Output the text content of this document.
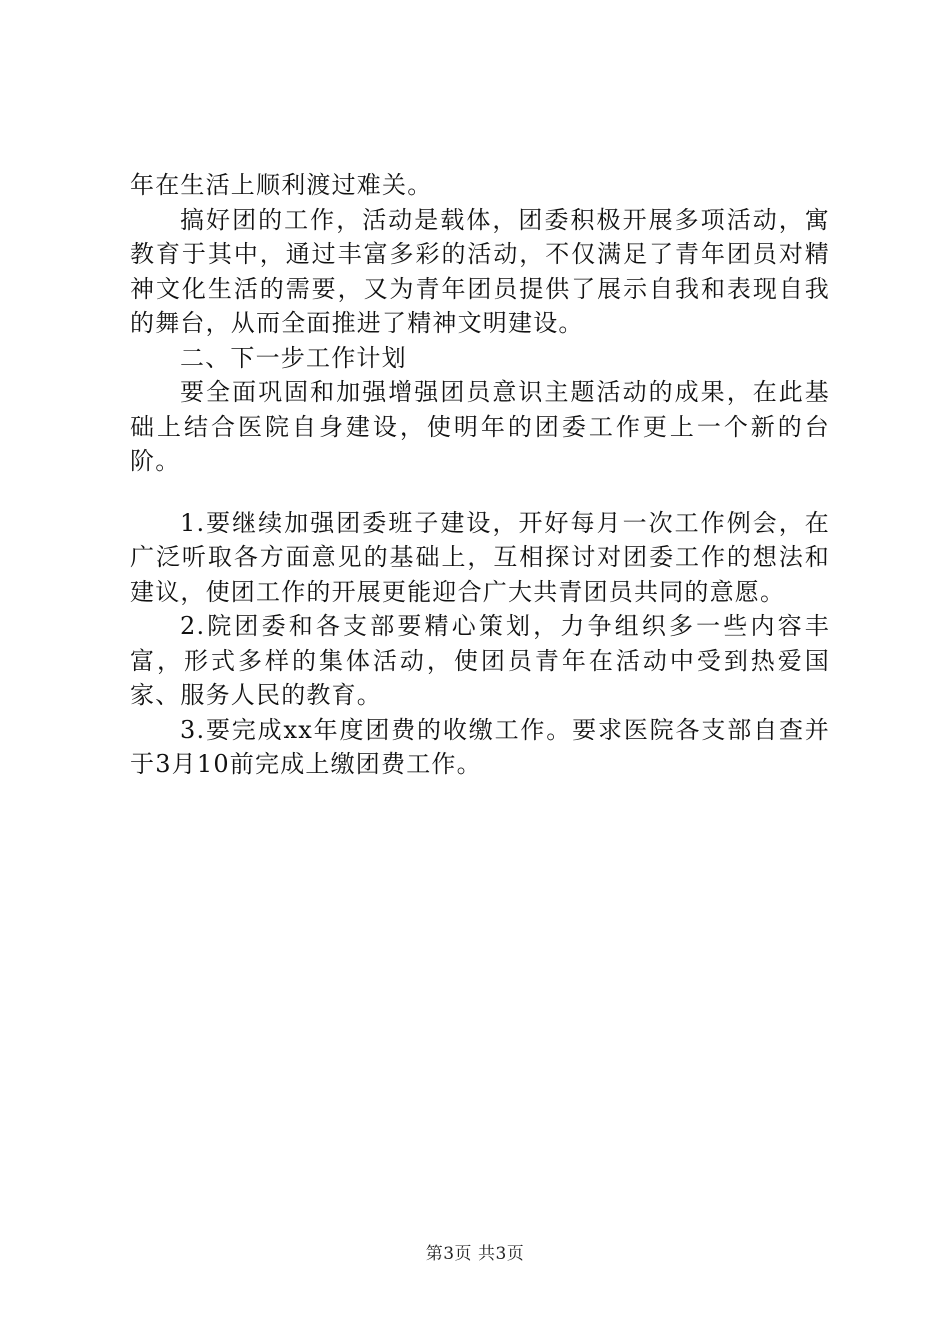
年在生活上顺利渡过难关。

搞好团的工作，活动是载体，团委积极开展多项活动，寓教育于其中，通过丰富多彩的活动，不仅满足了青年团员对精神文化生活的需要，又为青年团员提供了展示自我和表现自我的舞台，从而全面推进了精神文明建设。

二、下一步工作计划

要全面巩固和加强增强团员意识主题活动的成果，在此基础上结合医院自身建设，使明年的团委工作更上一个新的台阶。

1.要继续加强团委班子建设，开好每月一次工作例会，在广泛听取各方面意见的基础上，互相探讨对团委工作的想法和建议，使团工作的开展更能迎合广大共青团员共同的意愿。

2.院团委和各支部要精心策划，力争组织多一些内容丰富，形式多样的集体活动，使团员青年在活动中受到热爱国家、服务人民的教育。

3.要完成xx年度团费的收缴工作。要求医院各支部自查并于3月10前完成上缴团费工作。

第3页 共3页
